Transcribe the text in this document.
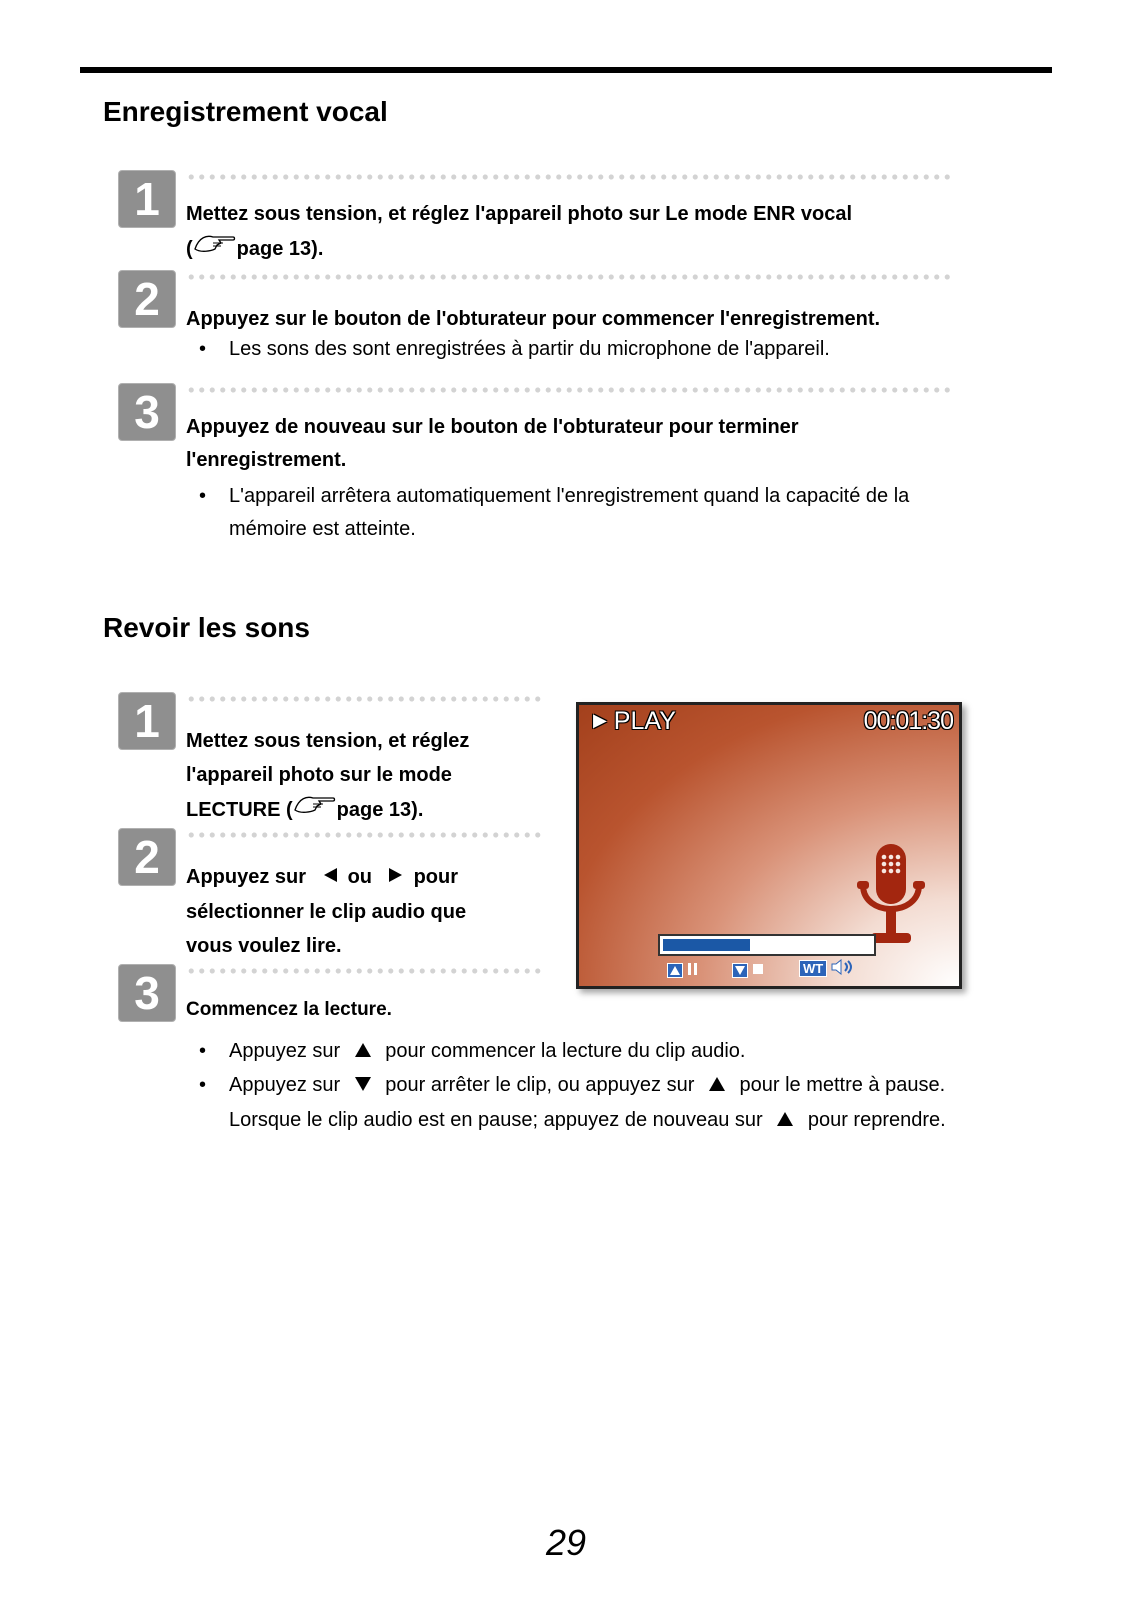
Enregistrement vocal
1	Mettez sous tension, et réglez l'appareil photo sur Le mode ENR vocal
( page 13).
2	Appuyez sur le bouton de l'obturateur pour commencer l'enregistrement.
• Les sons des sont enregistrées à partir du microphone de l'appareil.
3	Appuyez de nouveau sur le bouton de l'obturateur pour terminer
l'enregistrement.
• L'appareil arrêtera automatiquement l'enregistrement quand la capacité de la
mémoire est atteinte.
Revoir les sons
1	Mettez sous tension, et réglez
l'appareil photo sur le mode
LECTURE ( page 13).
2	Appuyez sur ou pour
sélectionner le clip audio que
vous voulez lire.
3	Commencez la lecture.
• Appuyez sur pour commencer la lecture du clip audio.
• Appuyez sur pour arrêter le clip, ou appuyez sur pour le mettre à pause.
Lorsque le clip audio est en pause; appuyez de nouveau sur pour reprendre.
▶ PLAY	00:01:30

WT
29
